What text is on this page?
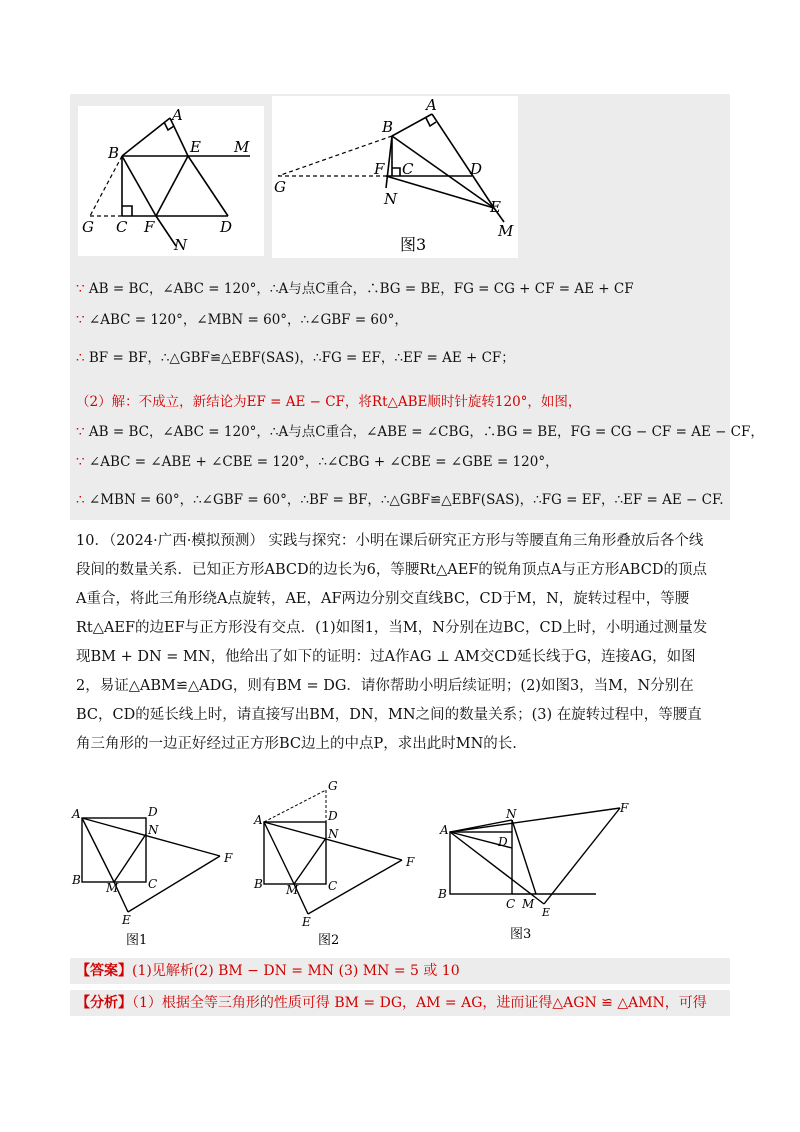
A
B	E M
G C F	D
N
A
B
F C	D
G
N	E
M
图3
∵ AB = BC，∠ABC = 120°，∴A与点C重合，∴BG = BE，FG = CG + CF = AE + CF
∵ ∠ABC = 120°，∠MBN = 60°，∴∠GBF = 60°，
∴ BF = BF，∴△GBF≌△EBF(SAS)，∴FG = EF，∴EF = AE + CF；
（2）解：不成立，新结论为EF = AE − CF，将Rt△ABE顺时针旋转120°，如图，
∵ AB = BC，∠ABC = 120°，∴A与点C重合，∠ABE = ∠CBG，∴BG = BE，FG = CG − CF = AE − CF，
∵ ∠ABC = ∠ABE + ∠CBE = 120°，∴∠CBG + ∠CBE = ∠GBE = 120°，
∴ ∠MBN = 60°，∴∠GBF = 60°，∴BF = BF，∴△GBF≌△EBF(SAS)，∴FG = EF，∴EF = AE − CF.
10．（2024·广西·模拟预测） 实践与探究：小明在课后研究正方形与等腰直角三角形叠放后各个线段间的数量关系．已知正方形ABCD的边长为6，等腰Rt△AEF的锐角顶点A与正方形ABCD的顶点A重合，将此三角形绕A点旋转，AE，AF两边分别交直线BC，CD于M，N，旋转过程中，等腰Rt△AEF的边EF与正方形没有交点．(1)如图1，当M，N分别在边BC，CD上时，小明通过测量发现BM + DN = MN，他给出了如下的证明：过A作AG ⊥ AM交CD延长线于G，连接AG，如图2，易证△ABM≌△ADG，则有BM = DG．请你帮助小明后续证明；(2)如图3，当M，N分别在BC，CD的延长线上时，请直接写出BM，DN，MN之间的数量关系；(3) 在旋转过程中，等腰直角三角形的一边正好经过正方形BC边上的中点P，求出此时MN的长.
A
B	C
D
N
M
F
E
图1
A
B	C
D
N
M
F
E
G
图2
A
B
C
D
N
M
F
E
图3
【答案】(1)见解析(2) BM − DN = MN (3) MN = 5 或 10
【分析】（1）根据全等三角形的性质可得 BM = DG，AM = AG，进而证得△AGN ≌ △AMN，可得
